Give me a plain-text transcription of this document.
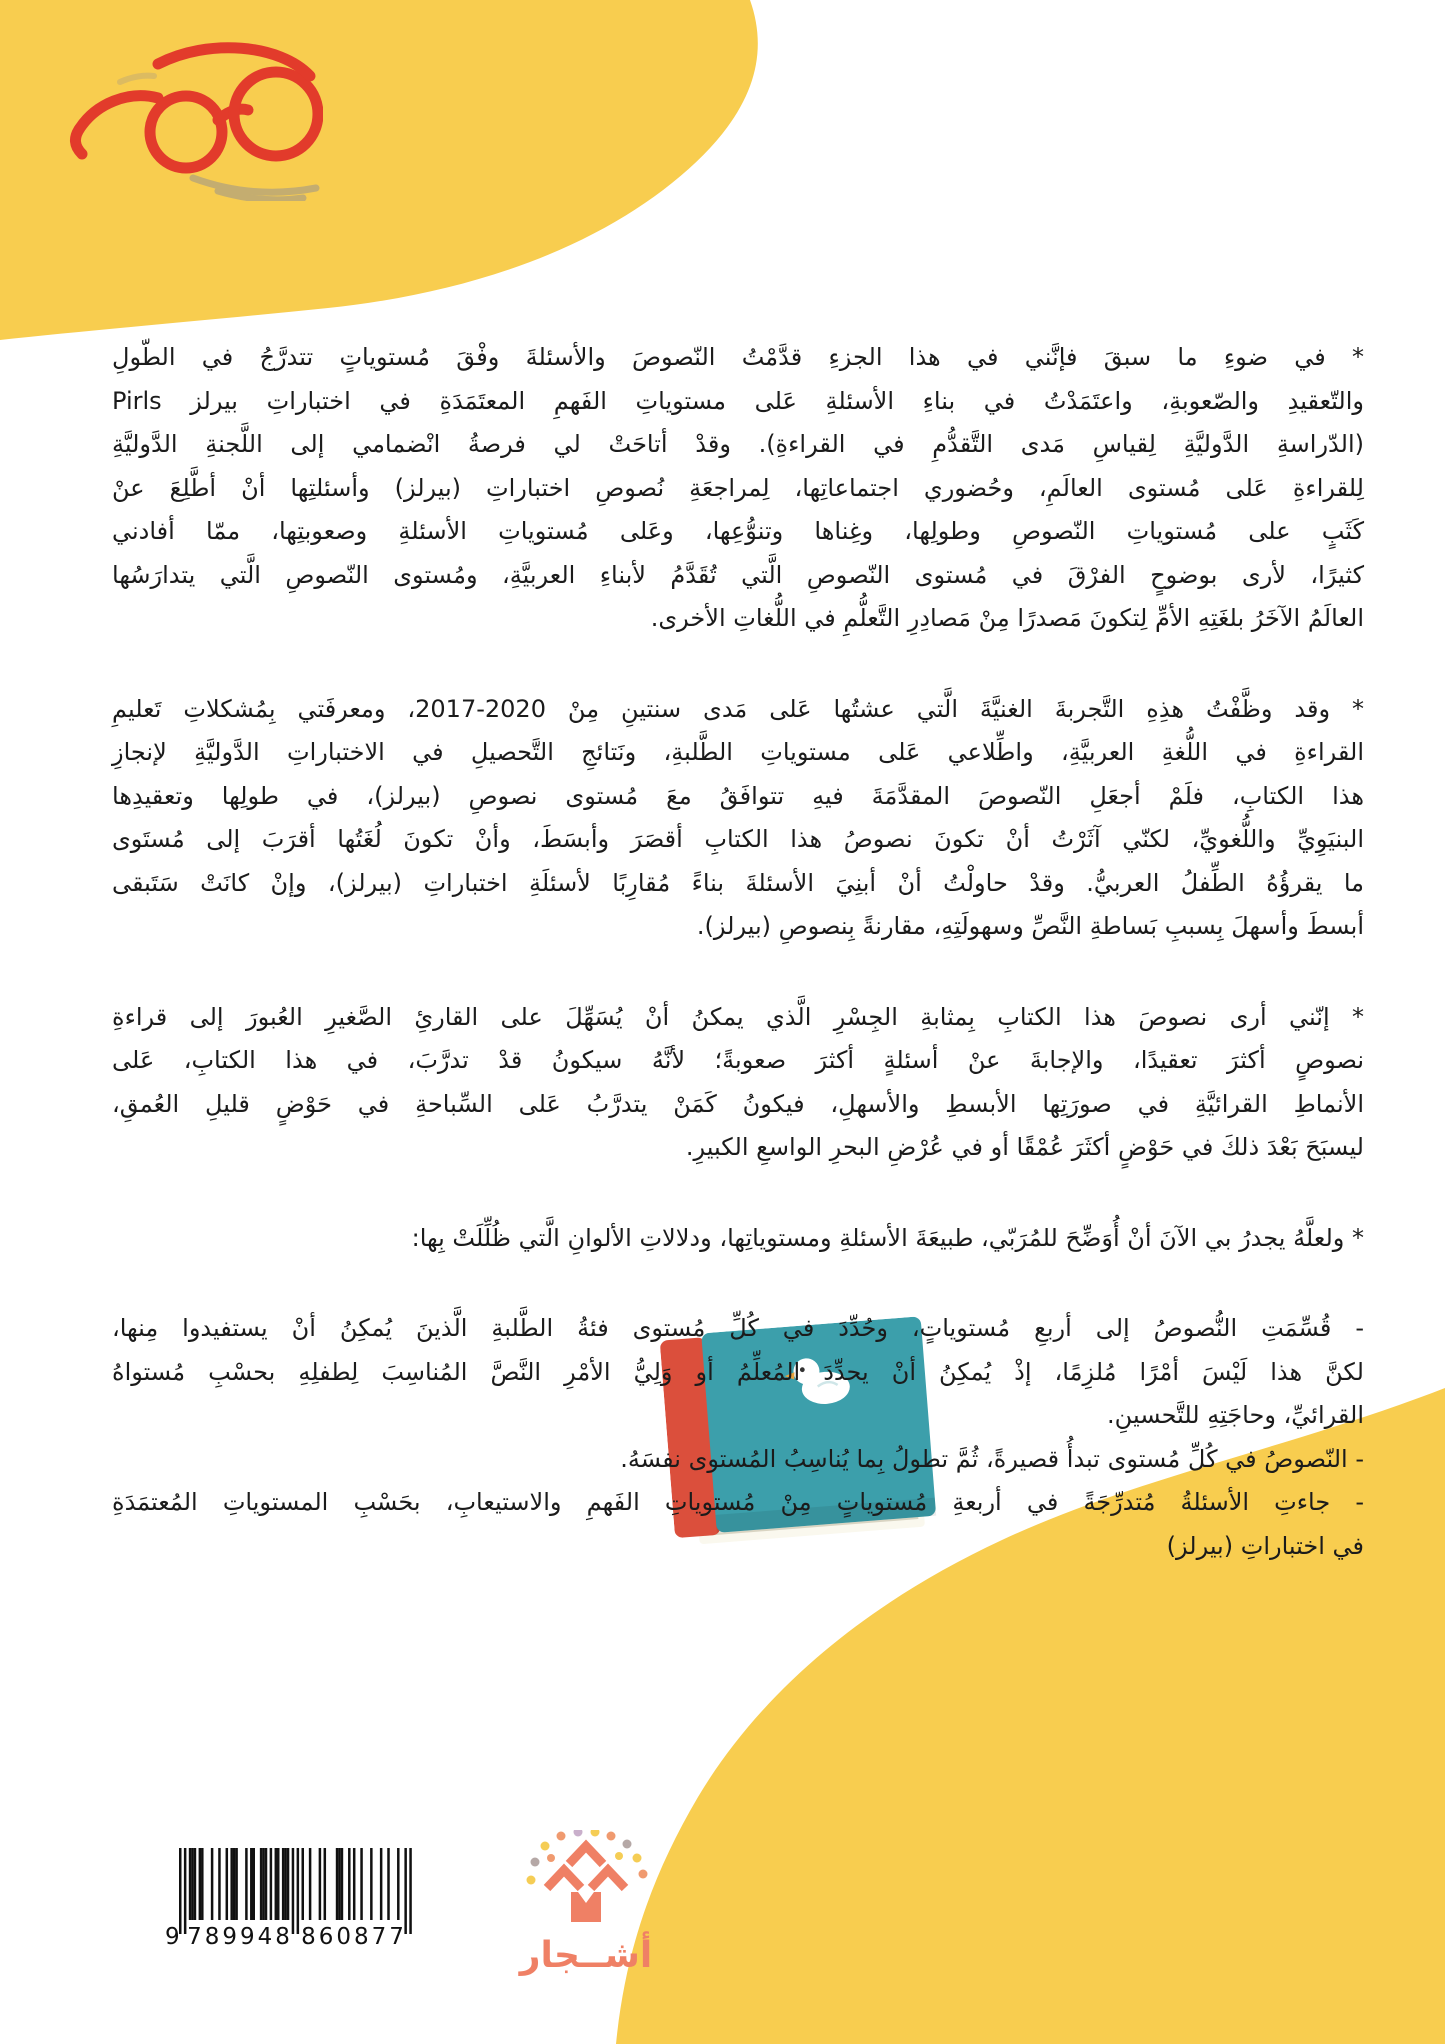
* في ضوءِ ما سبقَ فإنَّني في هذا الجزءِ قدَّمْتُ النّصوصَ والأسئلةَ وفْقَ مُستوياتٍ تتدرَّجُ في الطّولِ
والتّعقيدِ والصّعوبةِ، واعتَمَدْتُ في بناءِ الأسئلةِ عَلى مستوياتِ الفَهمِ المعتَمَدَةِ في اختباراتِ بيرلز Pirls
(الدّراسةِ الدَّوليَّةِ لِقياسِ مَدى التَّقدُّمِ في القراءةِ). وقدْ أتاحَتْ لي فرصةُ انْضمامي إلى اللَّجنةِ الدَّوليَّةِ
لِلقراءةِ عَلى مُستوى العالَمِ، وحُضوري اجتماعاتِها، لِمراجعَةِ نُصوصِ اختباراتِ (بيرلز) وأسئلتِها أنْ أطَّلِعَ عنْ
كَثَبٍ على مُستوياتِ النّصوصِ وطولِها، وغِناها وتنوُّعِها، وعَلى مُستوياتِ الأسئلةِ وصعوبتِها، ممّا أفادني
كثيرًا، لأرى بوضوحٍ الفرْقَ في مُستوى النّصوصِ الَّتي تُقَدَّمُ لأبناءِ العربيَّةِ، ومُستوى النّصوصِ الَّتي يتدارَسُها
العالَمُ الآخَرُ بلغَتِهِ الأمِّ لِتكونَ مَصدرًا مِنْ مَصادِرِ التَّعلُّمِ في اللُّغاتِ الأخرى.
* وقد وظَّفْتُ هذِهِ التَّجربةَ الغنيَّةَ الَّتي عشتُها عَلى مَدى سنتينِ مِنْ 2020-2017، ومعرفَتي بِمُشكلاتِ تَعليمِ
القراءةِ في اللُّغةِ العربيَّةِ، واطِّلاعي عَلى مستوياتِ الطَّلبةِ، ونَتائجِ التَّحصيلِ في الاختباراتِ الدَّوليَّةِ لإنجازِ
هذا الكتابِ، فلَمْ أجعَلِ النّصوصَ المقدَّمَةَ فيهِ تتوافَقُ معَ مُستوى نصوصِ (بيرلز)، في طولِها وتعقيدِها
البنيَوِيِّ واللُّغويِّ، لكنّي آثَرْتُ أنْ تكونَ نصوصُ هذا الكتابِ أقصَرَ وأبسَطَ، وأنْ تكونَ لُغَتُها أقرَبَ إلى مُستَوى
ما يقرؤُهُ الطِّفلُ العربيُّ. وقدْ حاولْتُ أنْ أبنِيَ الأسئلةَ بناءً مُقارِبًا لأسئلَةِ اختباراتِ (بيرلز)، وإنْ كانَتْ سَتَبقى
أبسطَ وأسهلَ بِسببِ بَساطةِ النَّصِّ وسهولَتِهِ، مقارنةً بِنصوصِ (بيرلز).
* إنّني أرى نصوصَ هذا الكتابِ بِمثابةِ الجِسْرِ الَّذي يمكنُ أنْ يُسَهِّلَ على القارئِ الصَّغيرِ العُبورَ إلى قراءةِ
نصوصٍ أكثرَ تعقيدًا، والإجابةَ عنْ أسئلةٍ أكثرَ صعوبةً؛ لأنَّهُ سيكونُ قدْ تدرَّبَ، في هذا الكتابِ، عَلى
الأنماطِ القرائيَّةِ في صورَتِها الأبسطِ والأسهلِ، فيكونُ كَمَنْ يتدرَّبُ عَلى السِّباحةِ في حَوْضٍ قليلِ العُمقِ،
ليسبَحَ بَعْدَ ذلكَ في حَوْضٍ أكثَرَ عُمْقًا أو في عُرْضِ البحرِ الواسعِ الكبيرِ.
* ولعلَّهُ يجدرُ بي الآنَ أنْ أُوَضِّحَ للمُرَبّي، طبيعَةَ الأسئلةِ ومستوياتِها، ودلالاتِ الألوانِ الَّتي ظُلِّلَتْ بِها:
- قُسِّمَتِ النُّصوصُ إلى أربعِ مُستوياتٍ، وحُدِّدَ في كُلِّ مُستوى فئةُ الطَّلبةِ الَّذينَ يُمكِنُ أنْ يستفيدوا مِنها،
لكنَّ هذا لَيْسَ أمْرًا مُلزِمًا، إذْ يُمكِنُ أنْ يحدِّدَ المُعلِّمُ أو وَلِيُّ الأمْرِ النَّصَّ المُناسِبَ لِطفلِهِ بحسْبِ مُستواهُ
القرائيِّ، وحاجَتِهِ للتَّحسينِ.
- النّصوصُ في كُلِّ مُستوى تبدأُ قصيرةً، ثُمَّ تطولُ بِما يُناسِبُ المُستوى نفسَهُ.
- جاءتِ الأسئلةُ مُتدرِّجَةً في أربعةِ مُستوياتٍ مِنْ مُستوياتِ الفَهمِ والاستيعابِ، بحَسْبِ المستوياتِ المُعتمَدَةِ
في اختباراتِ (بيرلز)
9 789948 860877	أشــجار
